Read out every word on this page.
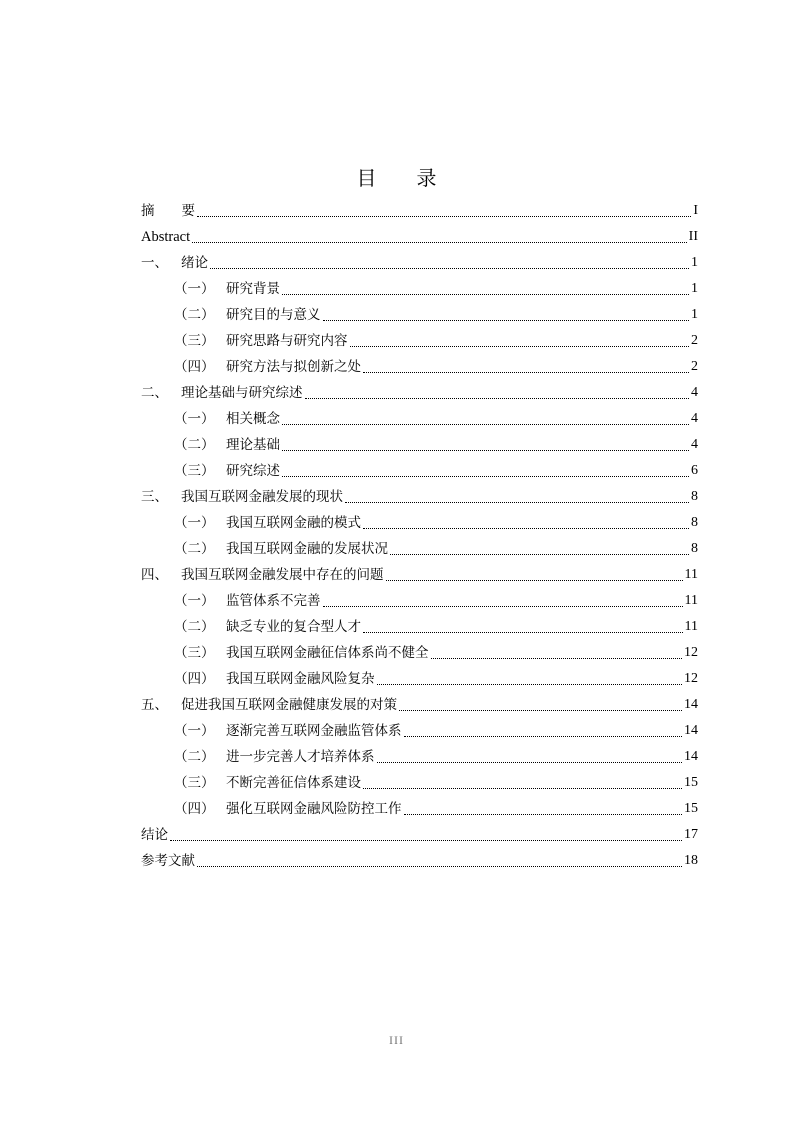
目　　录
摘　　要	I
Abstract	II
一、 绪论	1
（一） 研究背景	1
（二） 研究目的与意义	1
（三） 研究思路与研究内容	2
（四） 研究方法与拟创新之处	2
二、 理论基础与研究综述	4
（一） 相关概念	4
（二） 理论基础	4
（三） 研究综述	6
三、 我国互联网金融发展的现状	8
（一） 我国互联网金融的模式	8
（二） 我国互联网金融的发展状况	8
四、 我国互联网金融发展中存在的问题	11
（一） 监管体系不完善	11
（二） 缺乏专业的复合型人才	11
（三） 我国互联网金融征信体系尚不健全	12
（四） 我国互联网金融风险复杂	12
五、 促进我国互联网金融健康发展的对策	14
（一） 逐渐完善互联网金融监管体系	14
（二） 进一步完善人才培养体系	14
（三） 不断完善征信体系建设	15
（四） 强化互联网金融风险防控工作	15
结论	17
参考文献	18
III
